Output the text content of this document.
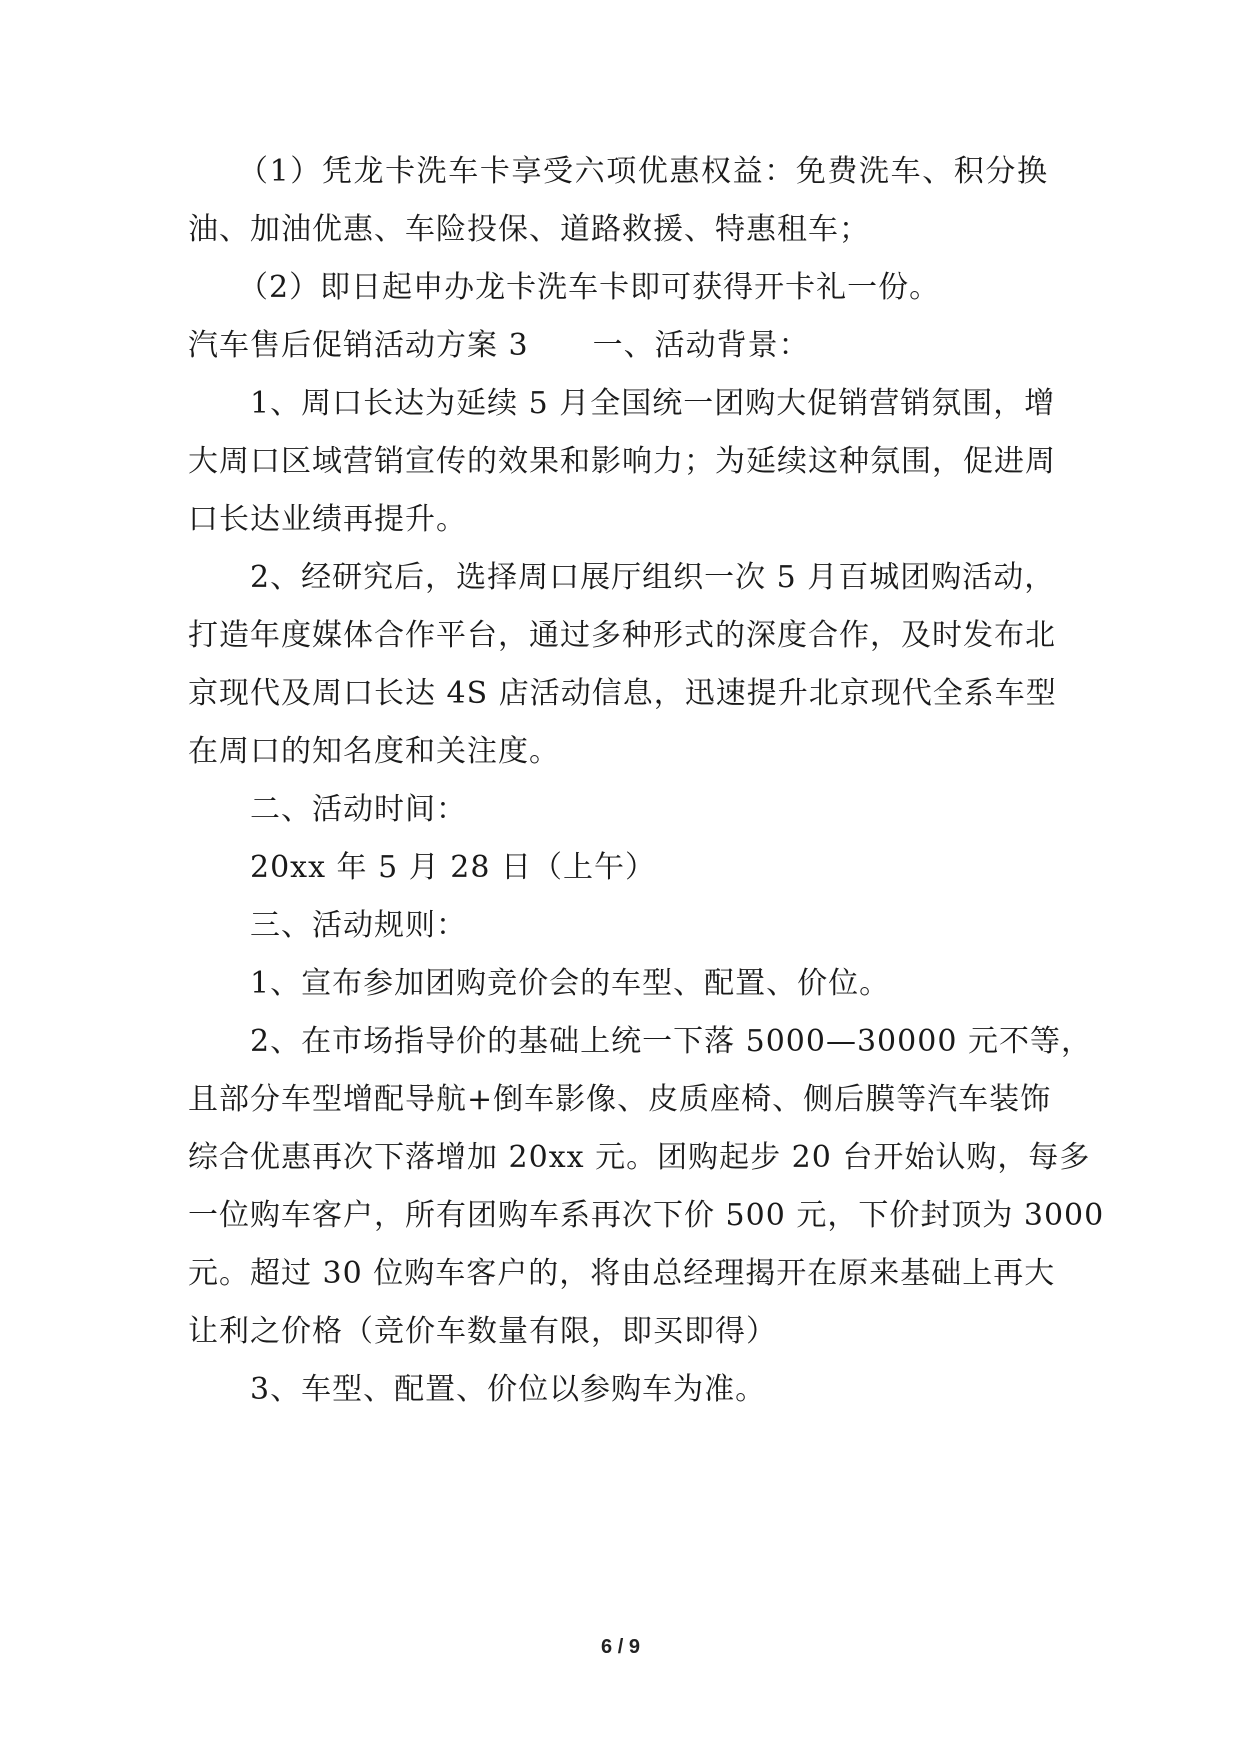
（1）凭龙卡洗车卡享受六项优惠权益：免费洗车、积分换
油、加油优惠、车险投保、道路救援、特惠租车；
（2）即日起申办龙卡洗车卡即可获得开卡礼一份。
汽车售后促销活动方案 3 一、活动背景：
1、周口长达为延续 5 月全国统一团购大促销营销氛围，增
大周口区域营销宣传的效果和影响力；为延续这种氛围，促进周
口长达业绩再提升。
2、经研究后，选择周口展厅组织一次 5 月百城团购活动，
打造年度媒体合作平台，通过多种形式的深度合作，及时发布北
京现代及周口长达 4S 店活动信息，迅速提升北京现代全系车型
在周口的知名度和关注度。
二、活动时间：
20xx 年 5 月 28 日（上午）
三、活动规则：
1、宣布参加团购竞价会的车型、配置、价位。
2、在市场指导价的基础上统一下落 5000—30000 元不等，
且部分车型增配导航+倒车影像、皮质座椅、侧后膜等汽车装饰
综合优惠再次下落增加 20xx 元。团购起步 20 台开始认购，每多
一位购车客户，所有团购车系再次下价 500 元，下价封顶为 3000
元。超过 30 位购车客户的，将由总经理揭开在原来基础上再大
让利之价格（竞价车数量有限，即买即得）
3、车型、配置、价位以参购车为准。
6 / 9
